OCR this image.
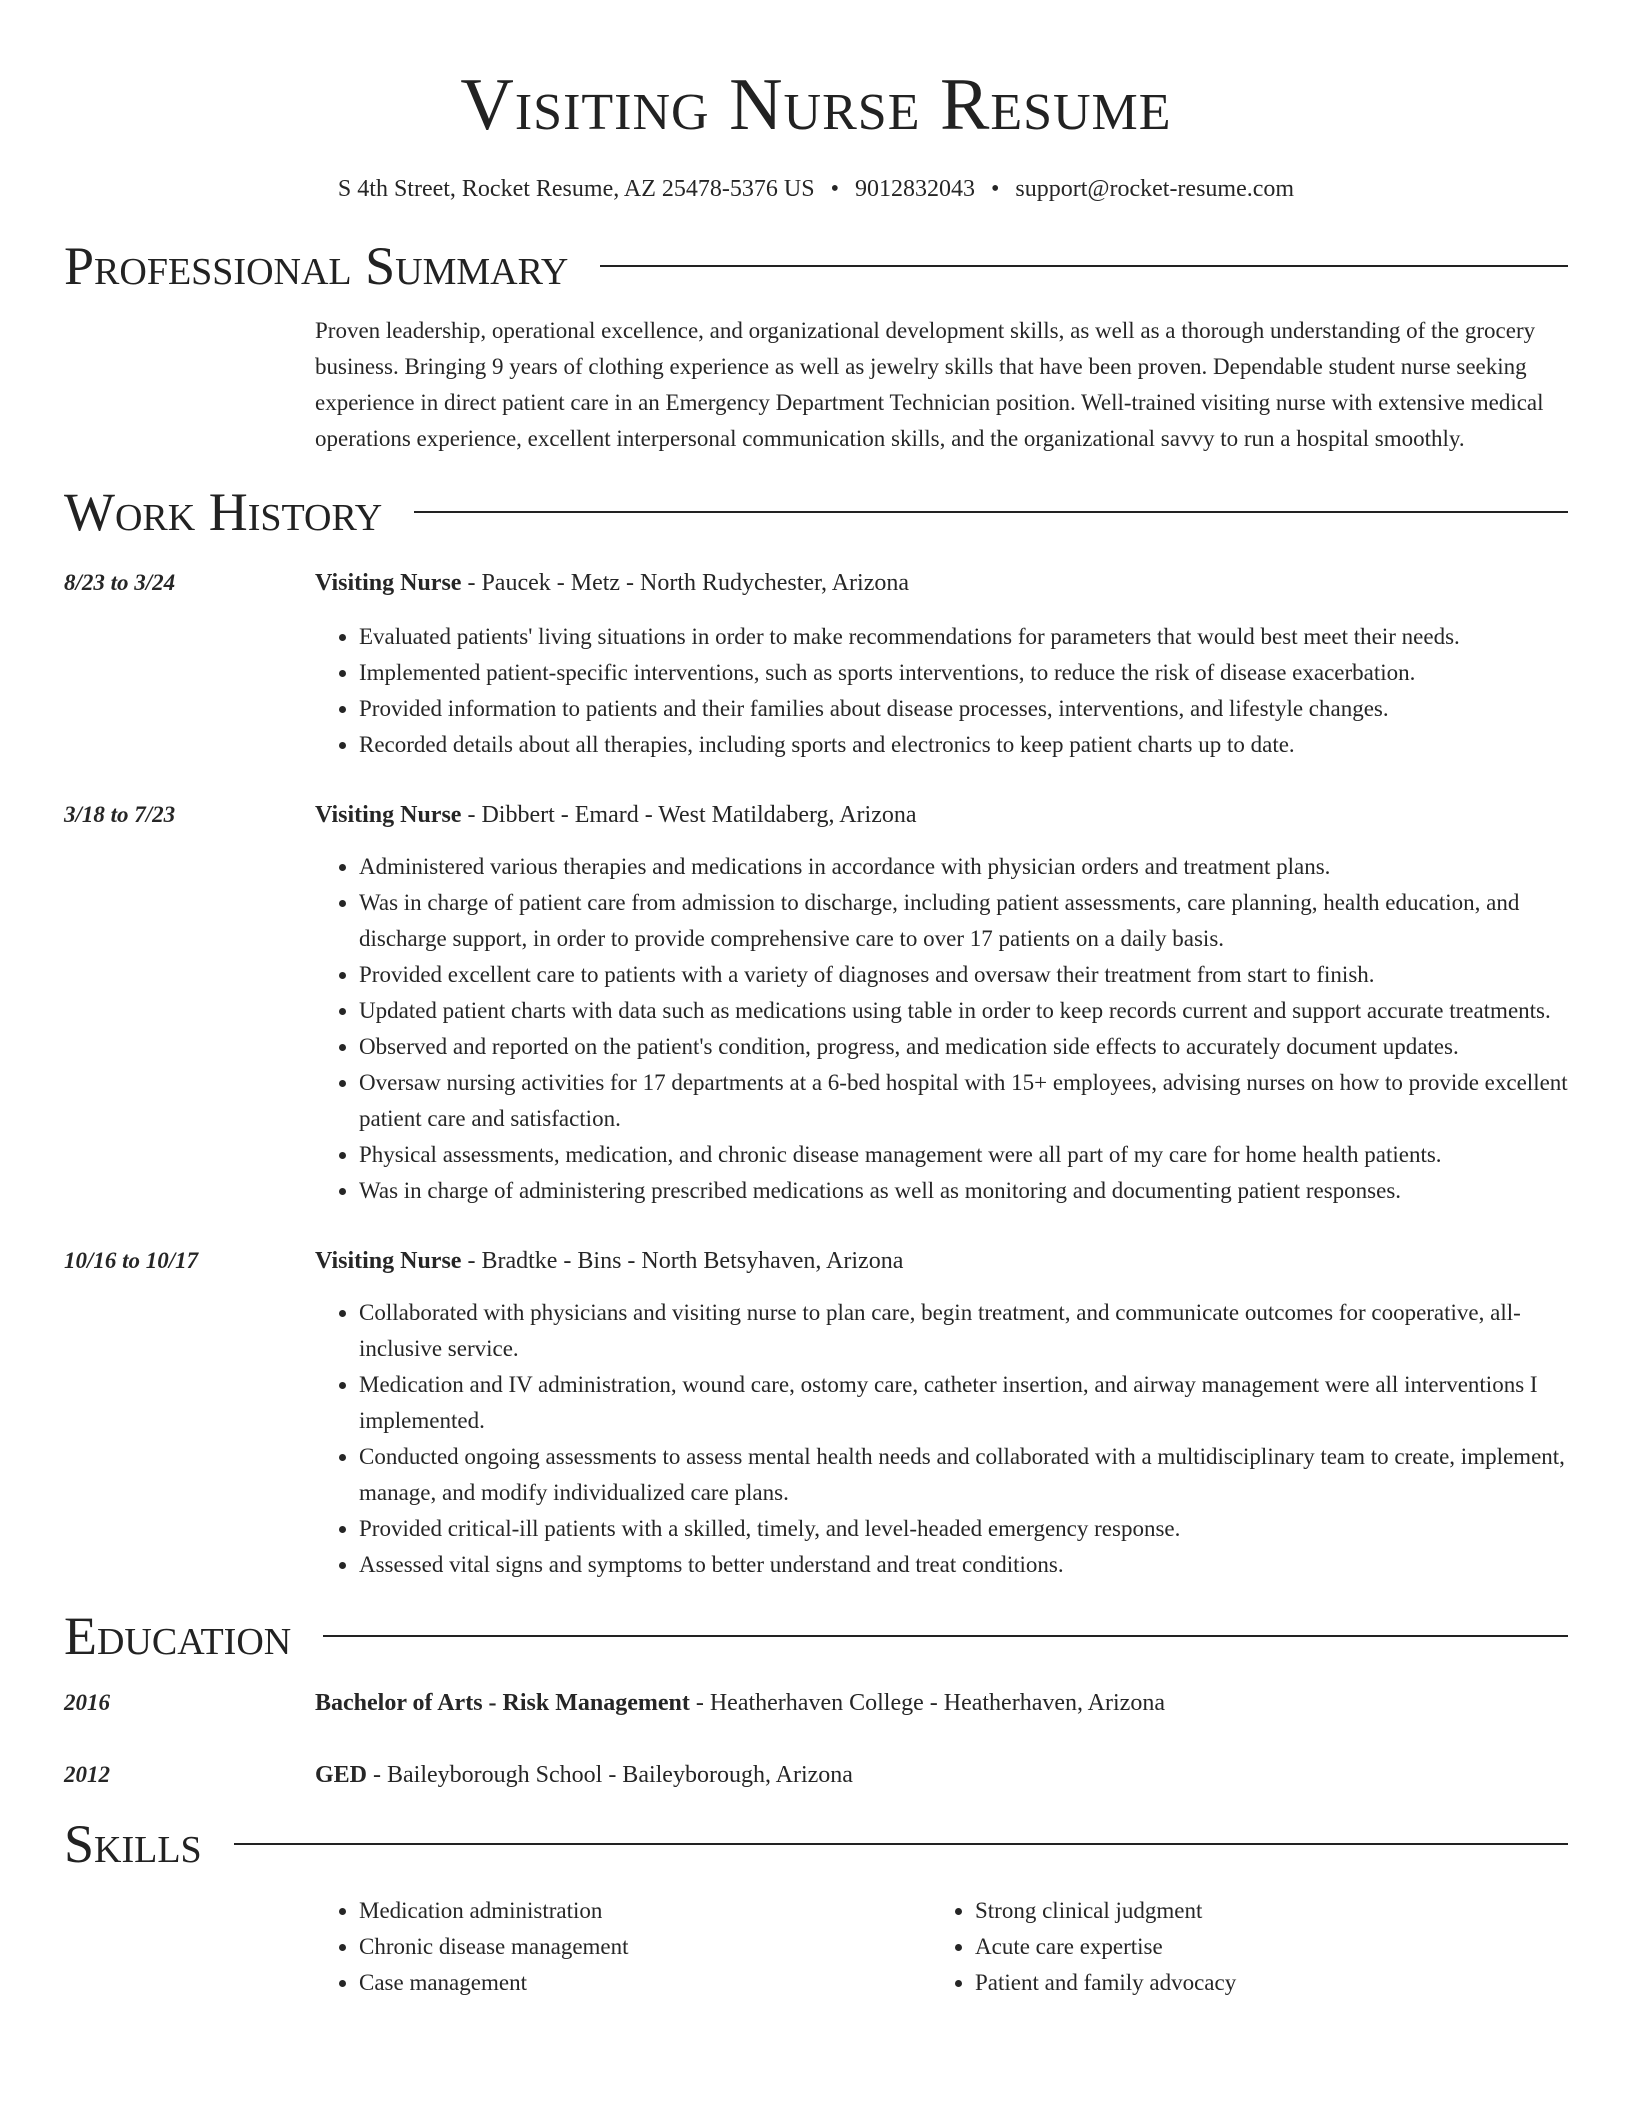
Visiting Nurse Resume
S 4th Street, Rocket Resume, AZ 25478-5376 US • 9012832043 • support@rocket-resume.com
Professional Summary
Proven leadership, operational excellence, and organizational development skills, as well as a thorough understanding of the grocery business. Bringing 9 years of clothing experience as well as jewelry skills that have been proven. Dependable student nurse seeking experience in direct patient care in an Emergency Department Technician position. Well-trained visiting nurse with extensive medical operations experience, excellent interpersonal communication skills, and the organizational savvy to run a hospital smoothly.
Work History
8/23 to 3/24	Visiting Nurse - Paucek - Metz - North Rudychester, Arizona
• Evaluated patients' living situations in order to make recommendations for parameters that would best meet their needs.
• Implemented patient-specific interventions, such as sports interventions, to reduce the risk of disease exacerbation.
• Provided information to patients and their families about disease processes, interventions, and lifestyle changes.
• Recorded details about all therapies, including sports and electronics to keep patient charts up to date.
3/18 to 7/23	Visiting Nurse - Dibbert - Emard - West Matildaberg, Arizona
• Administered various therapies and medications in accordance with physician orders and treatment plans.
• Was in charge of patient care from admission to discharge, including patient assessments, care planning, health education, and discharge support, in order to provide comprehensive care to over 17 patients on a daily basis.
• Provided excellent care to patients with a variety of diagnoses and oversaw their treatment from start to finish.
• Updated patient charts with data such as medications using table in order to keep records current and support accurate treatments.
• Observed and reported on the patient's condition, progress, and medication side effects to accurately document updates.
• Oversaw nursing activities for 17 departments at a 6-bed hospital with 15+ employees, advising nurses on how to provide excellent patient care and satisfaction.
• Physical assessments, medication, and chronic disease management were all part of my care for home health patients.
• Was in charge of administering prescribed medications as well as monitoring and documenting patient responses.
10/16 to 10/17	Visiting Nurse - Bradtke - Bins - North Betsyhaven, Arizona
• Collaborated with physicians and visiting nurse to plan care, begin treatment, and communicate outcomes for cooperative, all-inclusive service.
• Medication and IV administration, wound care, ostomy care, catheter insertion, and airway management were all interventions I implemented.
• Conducted ongoing assessments to assess mental health needs and collaborated with a multidisciplinary team to create, implement, manage, and modify individualized care plans.
• Provided critical-ill patients with a skilled, timely, and level-headed emergency response.
• Assessed vital signs and symptoms to better understand and treat conditions.
Education
2016	Bachelor of Arts - Risk Management - Heatherhaven College - Heatherhaven, Arizona
2012	GED - Baileyborough School - Baileyborough, Arizona
Skills
• Medication administration
• Chronic disease management
• Case management
• Strong clinical judgment
• Acute care expertise
• Patient and family advocacy
